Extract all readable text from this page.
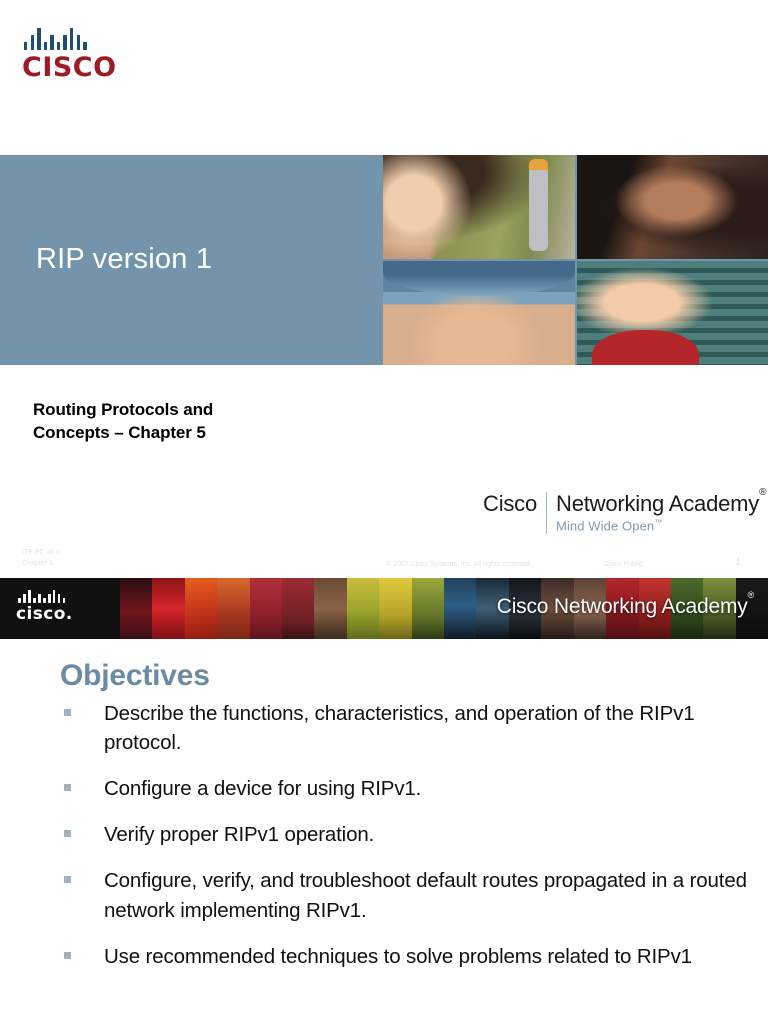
CISCO
RIP version 1
Routing Protocols and
Concepts – Chapter 5
Cisco Networking Academy®
Mind Wide Open™
ITE PC v4.0
Chapter 1	© 2007 Cisco Systems, Inc. All rights reserved.	Cisco Public	1
cisco.	Cisco Networking Academy®
Objectives
Describe the functions, characteristics, and operation of the RIPv1 protocol.
Configure a device for using RIPv1.
Verify proper RIPv1 operation.
Configure, verify, and troubleshoot default routes propagated in a routed network implementing RIPv1.
Use recommended techniques to solve problems related to RIPv1
